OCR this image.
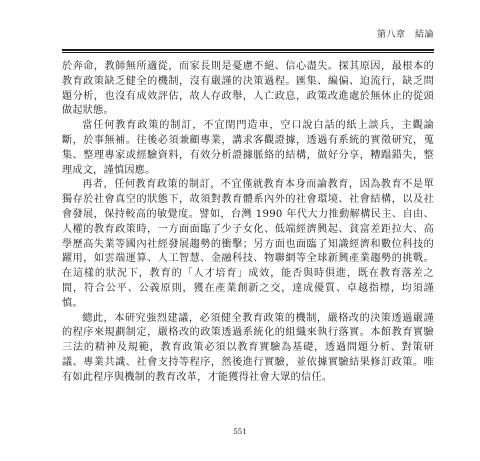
第八章　結論

於奔命，教師無所適從，而家長則是憂慮不絕、信心盡失。探其原因，最根本的教育政策缺乏健全的機制，沒有嚴謹的決策過程。匯集、編偏、迫流行，缺乏問題分析，也沒有成效評估，故人存政舉，人亡政息，政策改進處於無休止的從頭做起狀態。

當任何教育政策的制訂，不宜閉門造車，空口說白話的紙上談兵，主觀論斷，於事無補。往後必須兼顧專業，講求客觀證據，透過有系統的實徵研究，蒐集、整理專家或經驗資料，有效分析證據脈絡的結構，做好分享，糟蹋錯失，整理成文，謹慎因應。

再者，任何教育政策的制訂，不宜僅就教育本身而論教育，因為教育不是單獨存於社會真空的狀態下，故須對教育體系內外的社會環境、社會結構，以及社會發展，保持較高的敏覺度。譬如，台灣 1990 年代大力推動解構民主、自由、人權的教育政策時，一方面面臨了少子女化、低端經濟興起、貧富差距拉大、高學歷高失業等國內社經發展趨勢的衝擊；另方面也面臨了知識經濟和數位科技的躍用，如雲端運算、人工智慧、金融科技、物聯網等全球新興產業趨勢的挑戰。在這樣的狀況下，教育的「人才培育」成效，能否與時俱進，既在教育落差之間，符合公平、公義原則，獲在產業創新之交，達成優質、卓越指標，均須謹慎。

總此，本研究強烈建議，必須健全教育政策的機制，嚴格改的決策透過嚴謹的程序來規劃制定，嚴格改的政策透過系統化的組織來執行落實。本館教育實驗三法的精神及規範，教育政策必須以教育實驗為基礎，透過問題分析、對策研議、專業共識、社會支持等程序，然後進行實驗，並依據實驗結果修訂政策。唯有如此程序與機制的教育改革，才能獲得社會大眾的信任。

551
